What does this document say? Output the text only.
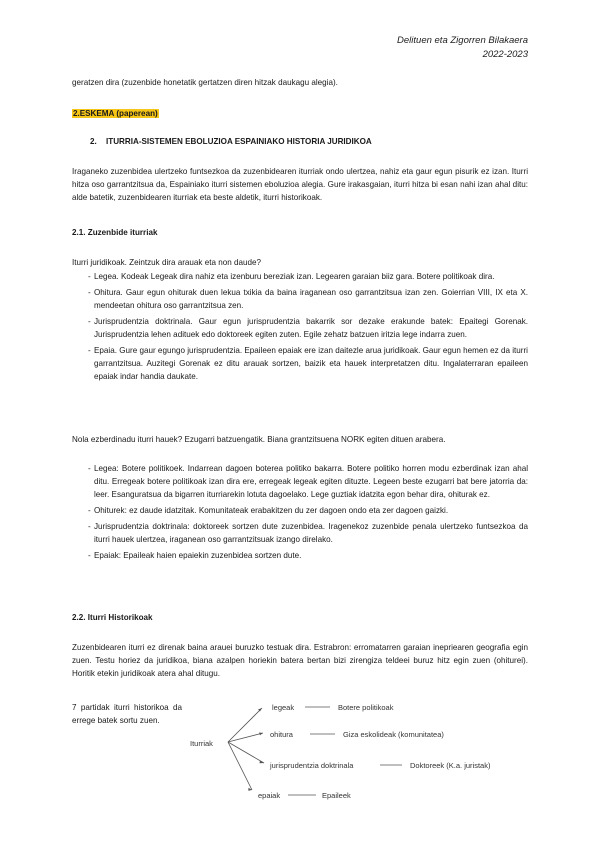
Delituen eta Zigorren Bilakaera
2022-2023
geratzen dira (zuzenbide honetatik gertatzen diren hitzak daukagu alegia).
2.ESKEMA (paperean)
2. ITURRIA-SISTEMEN EBOLUZIOA ESPAINIAKO HISTORIA JURIDIKOA
Iraganeko zuzenbidea ulertzeko funtsezkoa da zuzenbidearen iturriak ondo ulertzea, nahiz eta gaur egun pisurik ez izan. Iturri hitza oso garrantzitsua da, Espainiako iturri sistemen eboluzioa alegia. Gure irakasgaian, iturri hitza bi esan nahi izan ahal ditu: alde batetik, zuzenbidearen iturriak eta beste aldetik, iturri historikoak.
2.1. Zuzenbide iturriak
Iturri juridikoak. Zeintzuk dira arauak eta non daude?
- Legea. Kodeak Legeak dira nahiz eta izenburu bereziak izan. Legearen garaian biiz gara. Botere politikoak dira.
- Ohitura. Gaur egun ohiturak duen lekua txikia da baina iraganean oso garrantzitsua izan zen. Goierrian VIII, IX eta X. mendeetan ohitura oso garrantzitsua zen.
- Jurisprudentzia doktrinala. Gaur egun jurisprudentzia bakarrik sor dezake erakunde batek: Epaitegi Gorenak. Jurisprudentzia lehen adituek edo doktoreek egiten zuten. Egile zehatz batzuen iritzia lege indarra zuen.
- Epaia. Gure gaur egungo jurisprudentzia. Epaileen epaiak ere izan daitezle arua juridikoak. Gaur egun hemen ez da iturri garrantzitsua. Auzitegi Gorenak ez ditu arauak sortzen, baizik eta hauek interpretatzen ditu. Ingalaterraran epaileen epaiak indar handia daukate.
Nola ezberdinadu iturri hauek? Ezugarri batzuengatik. Biana grantzitsuena NORK egiten dituen arabera.
- Legea: Botere politikoek. Indarrean dagoen boterea politiko bakarra. Botere politiko horren modu ezberdinak izan ahal ditu. Erregeak botere politikoak izan dira ere, erregeak legeak egiten dituzte. Legeen beste ezugarri bat bere jatorria da: leer. Esanguratsua da bigarren iturriarekin lotuta dagoelako. Lege guztiak idatzita egon behar dira, ohiturak ez.
- Ohiturek: ez daude idatzitak. Komunitateak erabakitzen du zer dagoen ondo eta zer dagoen gaizki.
- Jurisprudentzia doktrinala: doktoreek sortzen dute zuzenbidea. Iragenekoz zuzenbide penala ulertzeko funtsezkoa da iturri hauek ulertzea, iraganean oso garrantzitsuak izango direlako.
- Epaiak: Epaileak haien epaiekin zuzenbidea sortzen dute.
2.2. Iturri Historikoak
Zuzenbidearen iturri ez direnak baina arauei buruzko testuak dira. Estrabron: erromatarren garaian inepriearen geografia egin zuen. Testu horiez da juridikoa, biana azalpen horiekin batera bertan bizi zirengiza teldeei buruz hitz egin zuen (ohiturei). Horitik etekin juridikoak atera ahal ditugu.
7 partidak iturri historikoa da errege batek sortu zuen.
Iturriak
legeak	Botere politikoak
ohitura	Giza eskolideak (komunitatea)
jurisprudentzia doktrinala	Doktoreek (K.a. juristak)
epaiak	Epaileek
